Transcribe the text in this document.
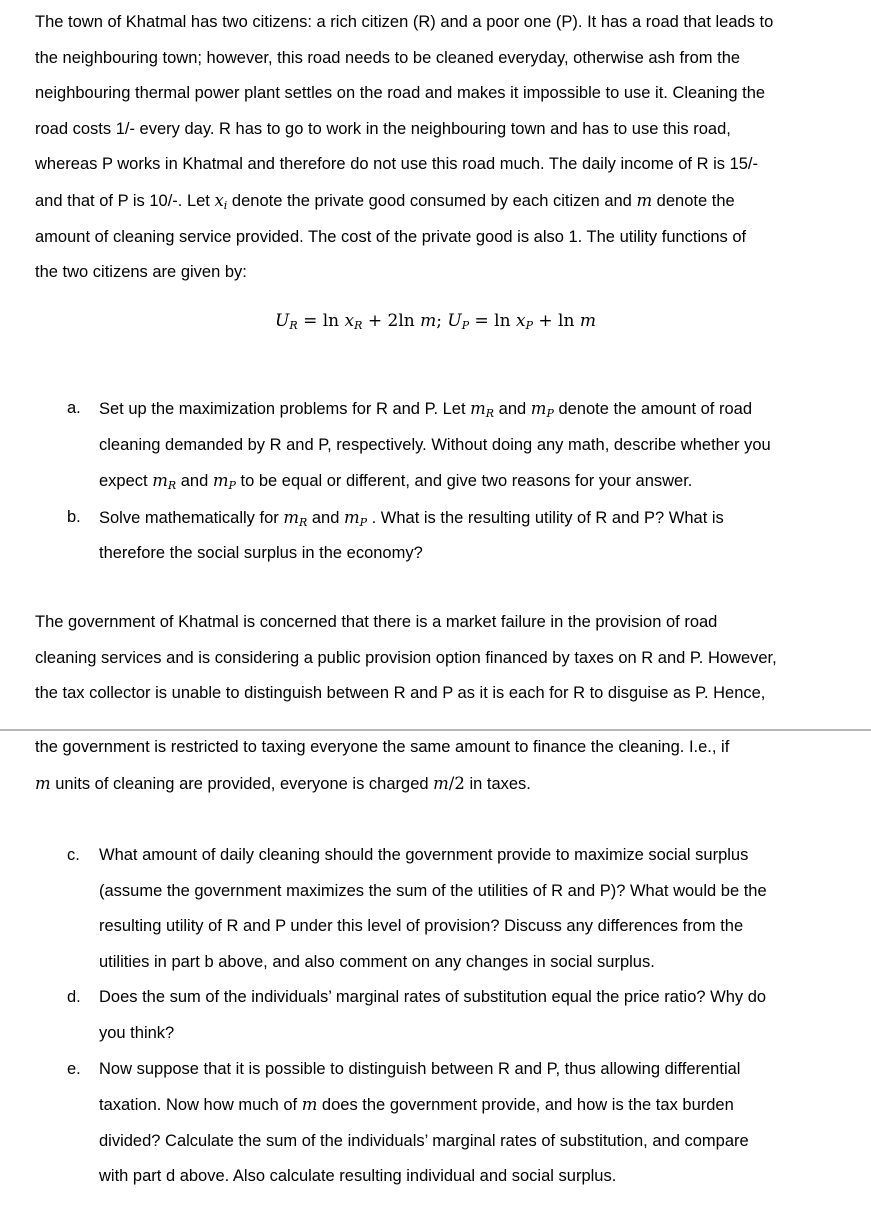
The town of Khatmal has two citizens: a rich citizen (R) and a poor one (P). It has a road that leads to
the neighbouring town; however, this road needs to be cleaned everyday, otherwise ash from the
neighbouring thermal power plant settles on the road and makes it impossible to use it. Cleaning the
road costs 1/- every day. R has to go to work in the neighbouring town and has to use this road,
whereas P works in Khatmal and therefore do not use this road much. The daily income of R is 15/-
and that of P is 10/-. Let $x_i$ denote the private good consumed by each citizen and m denote the
amount of cleaning service provided. The cost of the private good is also 1. The utility functions of
the two citizens are given by:
$U_R = \ln x_R + 2\ln$ m; $U_P = \ln x_P + \ln m$
a. Set up the maximization problems for R and P. Let $m_R$ and $m_P$ denote the amount of road
cleaning demanded by R and P, respectively. Without doing any math, describe whether you
expect $m_R$ and $m_P$ to be equal or different, and give two reasons for your answer.
b. Solve mathematically for $m_R$ and $m_P$ . What is the resulting utility of R and P? What is
therefore the social surplus in the economy?
The government of Khatmal is concerned that there is a market failure in the provision of road
cleaning services and is considering a public provision option financed by taxes on R and P. However,
the tax collector is unable to distinguish between R and P as it is each for R to disguise as P. Hence,
the government is restricted to taxing everyone the same amount to finance the cleaning. I.e., if
m units of cleaning are provided, everyone is charged m/2 in taxes.
c. What amount of daily cleaning should the government provide to maximize social surplus
(assume the government maximizes the sum of the utilities of R and P)? What would be the
resulting utility of R and P under this level of provision? Discuss any differences from the
utilities in part b above, and also comment on any changes in social surplus.
d. Does the sum of the individuals’ marginal rates of substitution equal the price ratio? Why do
you think?
e. Now suppose that it is possible to distinguish between R and P, thus allowing differential
taxation. Now how much of m does the government provide, and how is the tax burden
divided? Calculate the sum of the individuals’ marginal rates of substitution, and compare
with part d above. Also calculate resulting individual and social surplus.
